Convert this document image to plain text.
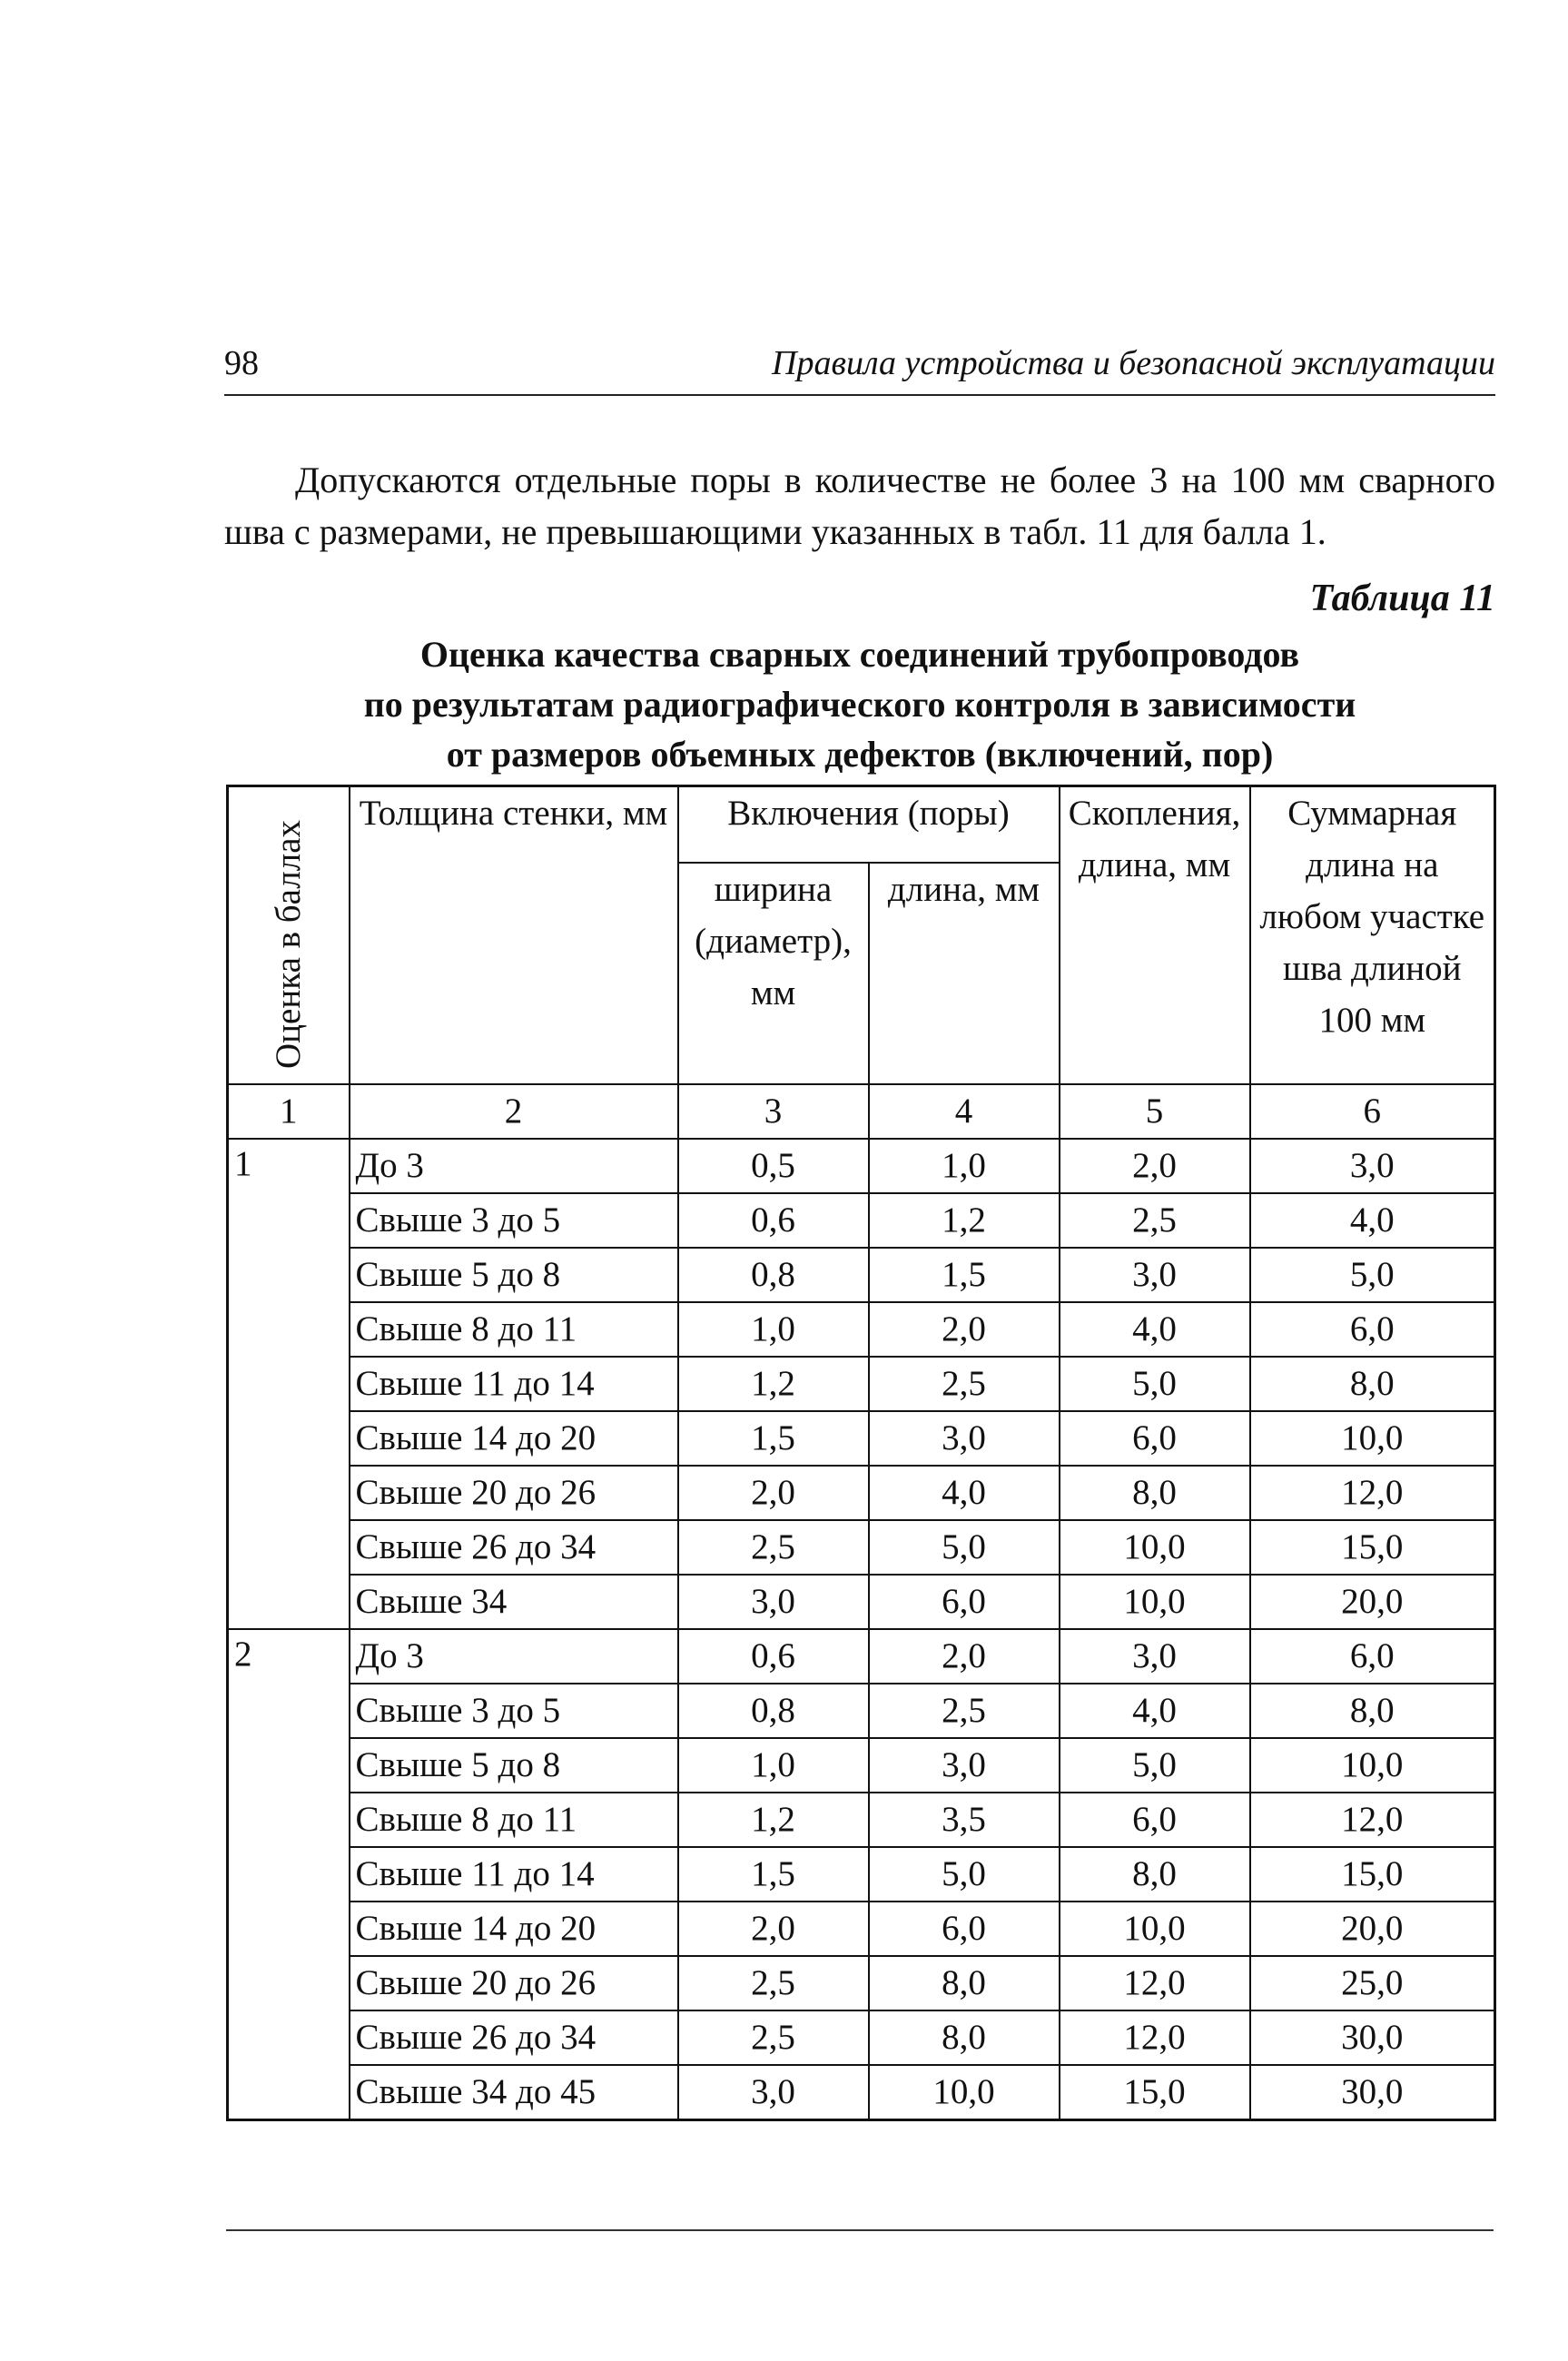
98	Правила устройства и безопасной эксплуатации

Допускаются отдельные поры в количестве не более 3 на 100 мм сварного шва с размерами, не превышающими указанных в табл. 11 для балла 1.

Таблица 11
Оценка качества сварных соединений трубопроводов
по результатам радиографического контроля в зависимости
от размеров объемных дефектов (включений, пор)
Оценка в баллах	Толщина стенки, мм	Включения (поры)		Скопления, длина, мм	Суммарная длина на любом участке шва длиной 100 мм
		ширина (диаметр), мм	длина, мм		
1	2	3	4	5	6
1	До 3	0,5	1,0	2,0	3,0
	Свыше 3 до 5	0,6	1,2	2,5	4,0
	Свыше 5 до 8	0,8	1,5	3,0	5,0
	Свыше 8 до 11	1,0	2,0	4,0	6,0
	Свыше 11 до 14	1,2	2,5	5,0	8,0
	Свыше 14 до 20	1,5	3,0	6,0	10,0
	Свыше 20 до 26	2,0	4,0	8,0	12,0
	Свыше 26 до 34	2,5	5,0	10,0	15,0
	Свыше 34	3,0	6,0	10,0	20,0
2	До 3	0,6	2,0	3,0	6,0
	Свыше 3 до 5	0,8	2,5	4,0	8,0
	Свыше 5 до 8	1,0	3,0	5,0	10,0
	Свыше 8 до 11	1,2	3,5	6,0	12,0
	Свыше 11 до 14	1,5	5,0	8,0	15,0
	Свыше 14 до 20	2,0	6,0	10,0	20,0
	Свыше 20 до 26	2,5	8,0	12,0	25,0
	Свыше 26 до 34	2,5	8,0	12,0	30,0
	Свыше 34 до 45	3,0	10,0	15,0	30,0
